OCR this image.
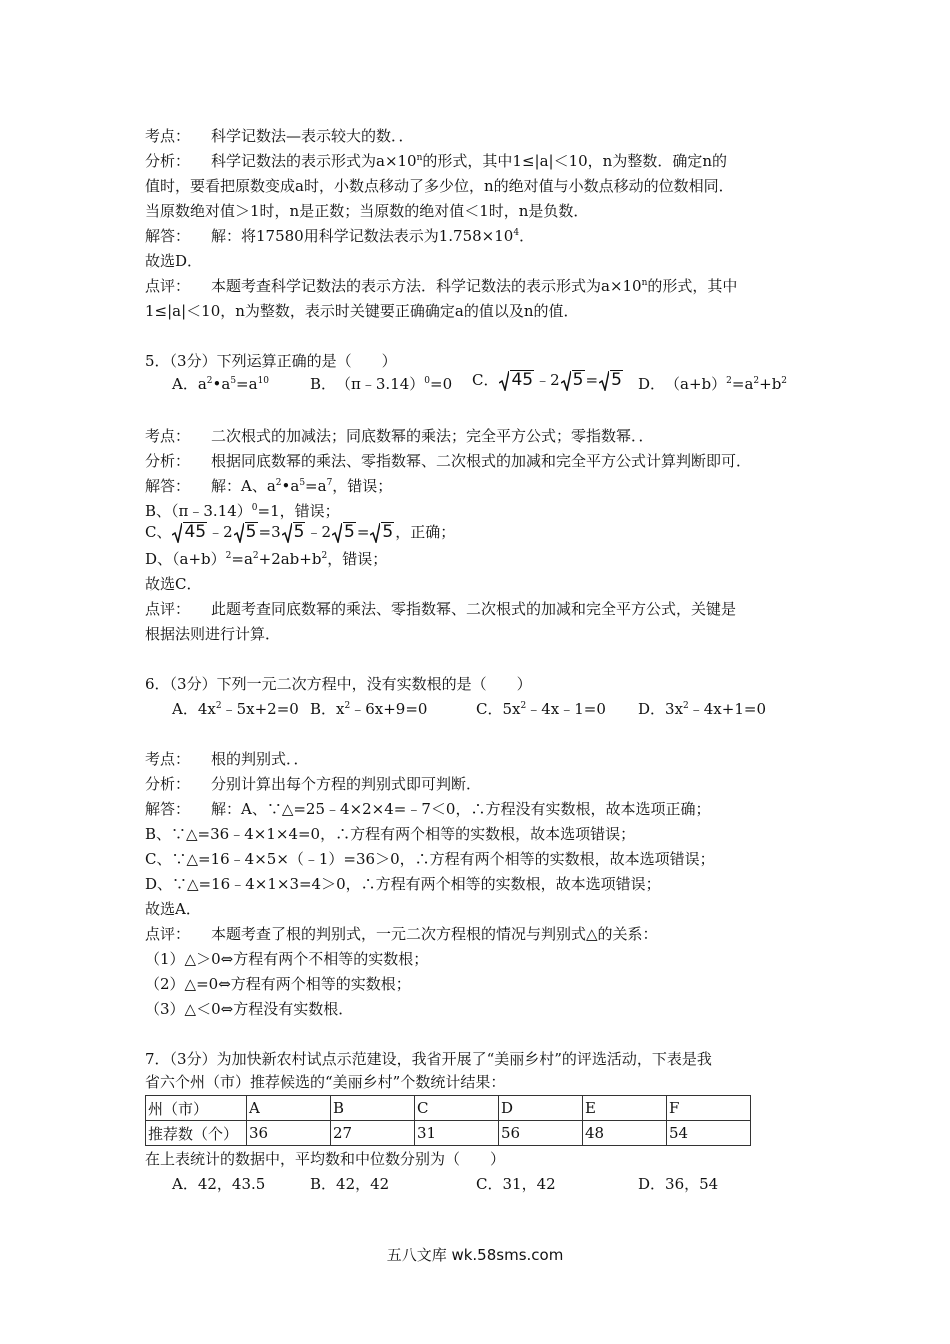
考点： 科学记数法—表示较大的数．．
分析： 科学记数法的表示形式为$a\times 10^n$的形式，其中1≤|a|＜10，n为整数．确定n的
值时，要看把原数变成a时，小数点移动了多少位，n的绝对值与小数点移动的位数相同．
当原数绝对值＞1时，n是正数；当原数的绝对值＜1时，n是负数．
解答： 解：将17580用科学记数法表示为$1.758\times 10^4$．
故选D．
点评： 本题考查科学记数法的表示方法．科学记数法的表示形式为$a\times 10^n$的形式，其中
1≤|a|＜10，n为整数，表示时关键要正确确定a的值以及n的值．
5．（3分）下列运算正确的是（　　）
A．$a^2•a^5=a^{10}$	B．　（π﹣3.14）$^0$=0 C． 45 ﹣2 5 = 5 D．　$(a+b)^2=a^2+b^2$
考点： 二次根式的加减法；同底数幂的乘法；完全平方公式；零指数幂．．
分析： 根据同底数幂的乘法、零指数幂、二次根式的加减和完全平方公式计算判断即可．
解答： 解：A、$a^2•a^5=a^7$，错误；
B、（π﹣3.14）$^0$=1，错误；
C、 45 ﹣2 5 =3 5 ﹣2 5 = 5 ，正确；
D、$(a+b)^2=a^2+2ab+b^2$，错误；
故选C．
点评： 此题考查同底数幂的乘法、零指数幂、二次根式的加减和完全平方公式，关键是
根据法则进行计算．
6．（3分）下列一元二次方程中，没有实数根的是（　　）
A．$4x^2﹣5x+2=0$ B．$x^2﹣6x+9=0$	C．$5x^2﹣4x﹣1=0$ D．$3x^2﹣4x+1=0$
考点： 根的判别式．．
分析： 分别计算出每个方程的判别式即可判断．
解答： 解：A、∵△=25﹣4×2×4=﹣7＜0，∴方程没有实数根，故本选项正确；
B、∵△=36﹣4×1×4=0，∴方程有两个相等的实数根，故本选项错误；
C、∵△=16﹣4×5×（﹣1）=36＞0，∴方程有两个相等的实数根，故本选项错误；
D、∵△=16﹣4×1×3=4＞0，∴方程有两个相等的实数根，故本选项错误；
故选A．
点评： 本题考查了根的判别式，一元二次方程根的情况与判别式△的关系：
（1）△＞0⇔方程有两个不相等的实数根；
（2）△=0⇔方程有两个相等的实数根；
（3）△＜0⇔方程没有实数根．
7．（3分）为加快新农村试点示范建设，我省开展了“美丽乡村”的评选活动，下表是我
省六个州（市）推荐候选的“美丽乡村”个数统计结果：
州（市）	A	B	C	D	E	F
推荐数（个）	36	27	31	56	48	54
在上表统计的数据中，平均数和中位数分别为（　　）
A．42，43.5	B．42，42	C．31，42	D．36，54
五八文库 wk.58sms.com
